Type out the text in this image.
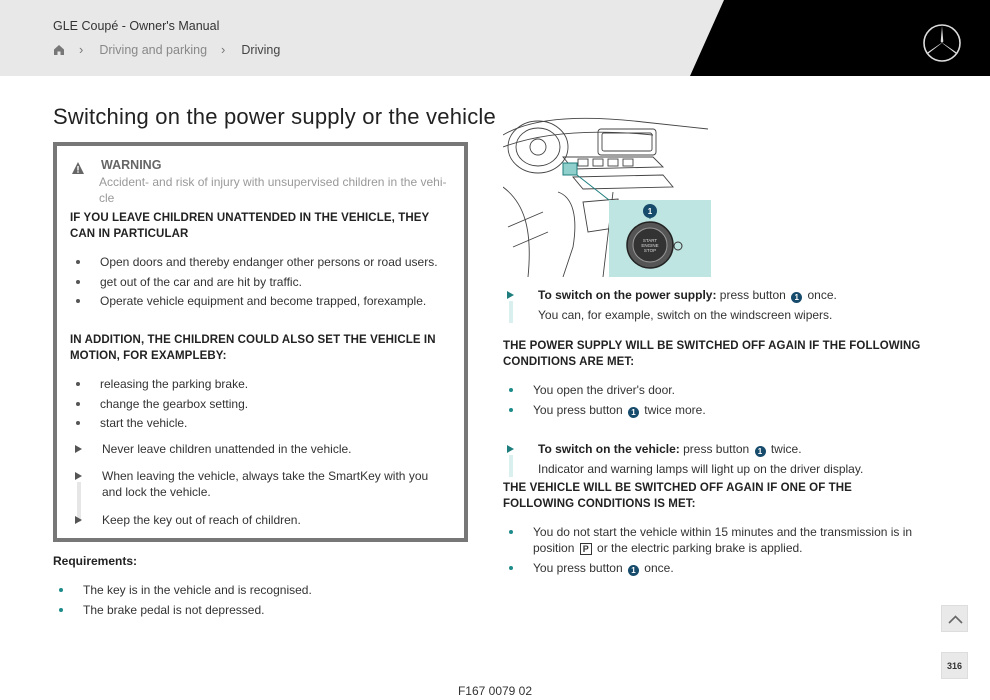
GLE Coupé - Owner's Manual
› Driving and parking › Driving
Switching on the power supply or the vehicle
WARNING
Accident- and risk of injury with unsupervised children in the vehi-cle
IF YOU LEAVE CHILDREN UNATTENDED IN THE VEHICLE, THEY CAN IN PARTICULAR
Open doors and thereby endanger other persons or road users.
get out of the car and are hit by traffic.
Operate vehicle equipment and become trapped, forexample.
IN ADDITION, THE CHILDREN COULD ALSO SET THE VEHICLE IN MOTION, FOR EXAMPLEBY:
releasing the parking brake.
change the gearbox setting.
start the vehicle.
Never leave children unattended in the vehicle.
When leaving the vehicle, always take the SmartKey with you and lock the vehicle.
Keep the key out of reach of children.
Requirements:
The key is in the vehicle and is recognised.
The brake pedal is not depressed.
START
ENGINE
STOP
1
To switch on the power supply: press button 1 once.
You can, for example, switch on the windscreen wipers.
THE POWER SUPPLY WILL BE SWITCHED OFF AGAIN IF THE FOLLOWING CONDITIONS ARE MET:
You open the driver's door.
You press button 1 twice more.
To switch on the vehicle: press button 1 twice.
Indicator and warning lamps will light up on the driver display.
THE VEHICLE WILL BE SWITCHED OFF AGAIN IF ONE OF THE FOLLOWING CONDITIONS IS MET:
You do not start the vehicle within 15 minutes and the transmission is in position P or the electric parking brake is applied.
You press button 1 once.
316
F167 0079 02
